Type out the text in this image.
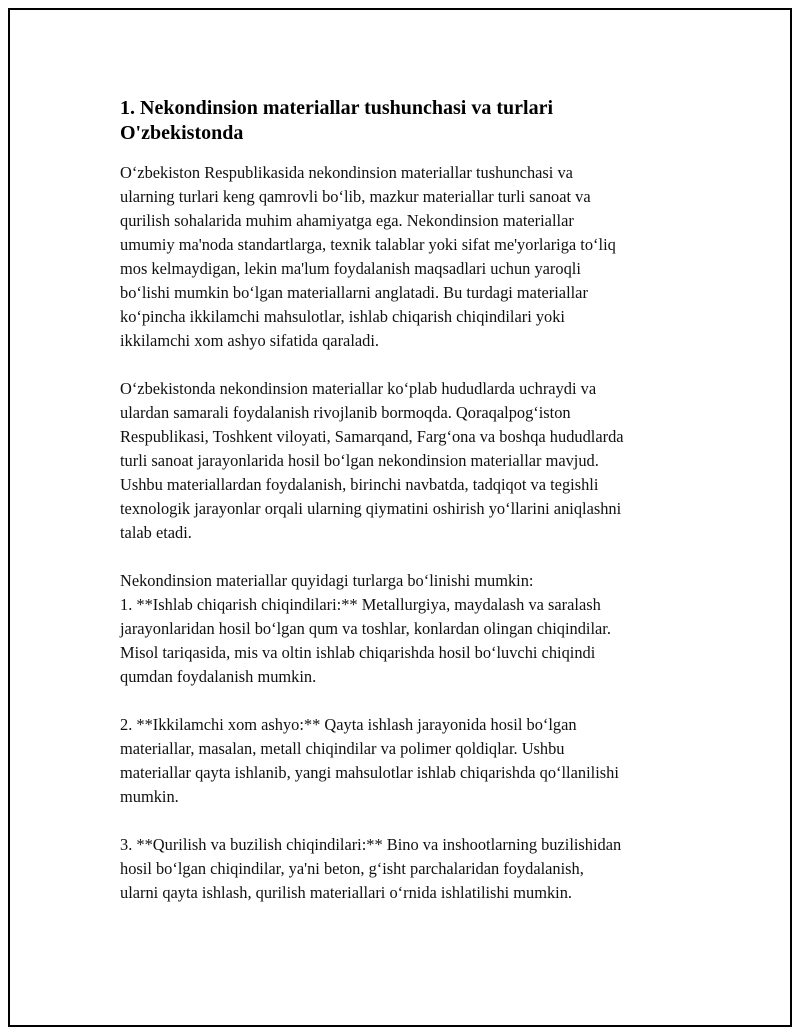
1. Nekondinsion materiallar tushunchasi va turlari
O'zbekistonda

O‘zbekiston Respublikasida nekondinsion materiallar tushunchasi va
ularning turlari keng qamrovli bo‘lib, mazkur materiallar turli sanoat va
qurilish sohalarida muhim ahamiyatga ega. Nekondinsion materiallar
umumiy ma'noda standartlarga, texnik talablar yoki sifat me'yorlariga to‘liq
mos kelmaydigan, lekin ma'lum foydalanish maqsadlari uchun yaroqli
bo‘lishi mumkin bo‘lgan materiallarni anglatadi. Bu turdagi materiallar
ko‘pincha ikkilamchi mahsulotlar, ishlab chiqarish chiqindilari yoki
ikkilamchi xom ashyo sifatida qaraladi.

O‘zbekistonda nekondinsion materiallar ko‘plab hududlarda uchraydi va
ulardan samarali foydalanish rivojlanib bormoqda. Qoraqalpog‘iston
Respublikasi, Toshkent viloyati, Samarqand, Farg‘ona va boshqa hududlarda
turli sanoat jarayonlarida hosil bo‘lgan nekondinsion materiallar mavjud.
Ushbu materiallardan foydalanish, birinchi navbatda, tadqiqot va tegishli
texnologik jarayonlar orqali ularning qiymatini oshirish yo‘llarini aniqlashni
talab etadi.

Nekondinsion materiallar quyidagi turlarga bo‘linishi mumkin:
1. **Ishlab chiqarish chiqindilari:** Metallurgiya, maydalash va saralash
jarayonlaridan hosil bo‘lgan qum va toshlar, konlardan olingan chiqindilar.
Misol tariqasida, mis va oltin ishlab chiqarishda hosil bo‘luvchi chiqindi
qumdan foydalanish mumkin.

2. **Ikkilamchi xom ashyo:** Qayta ishlash jarayonida hosil bo‘lgan
materiallar, masalan, metall chiqindilar va polimer qoldiqlar. Ushbu
materiallar qayta ishlanib, yangi mahsulotlar ishlab chiqarishda qo‘llanilishi
mumkin.

3. **Qurilish va buzilish chiqindilari:** Bino va inshootlarning buzilishidan
hosil bo‘lgan chiqindilar, ya'ni beton, g‘isht parchalaridan foydalanish,
ularni qayta ishlash, qurilish materiallari o‘rnida ishlatilishi mumkin.
